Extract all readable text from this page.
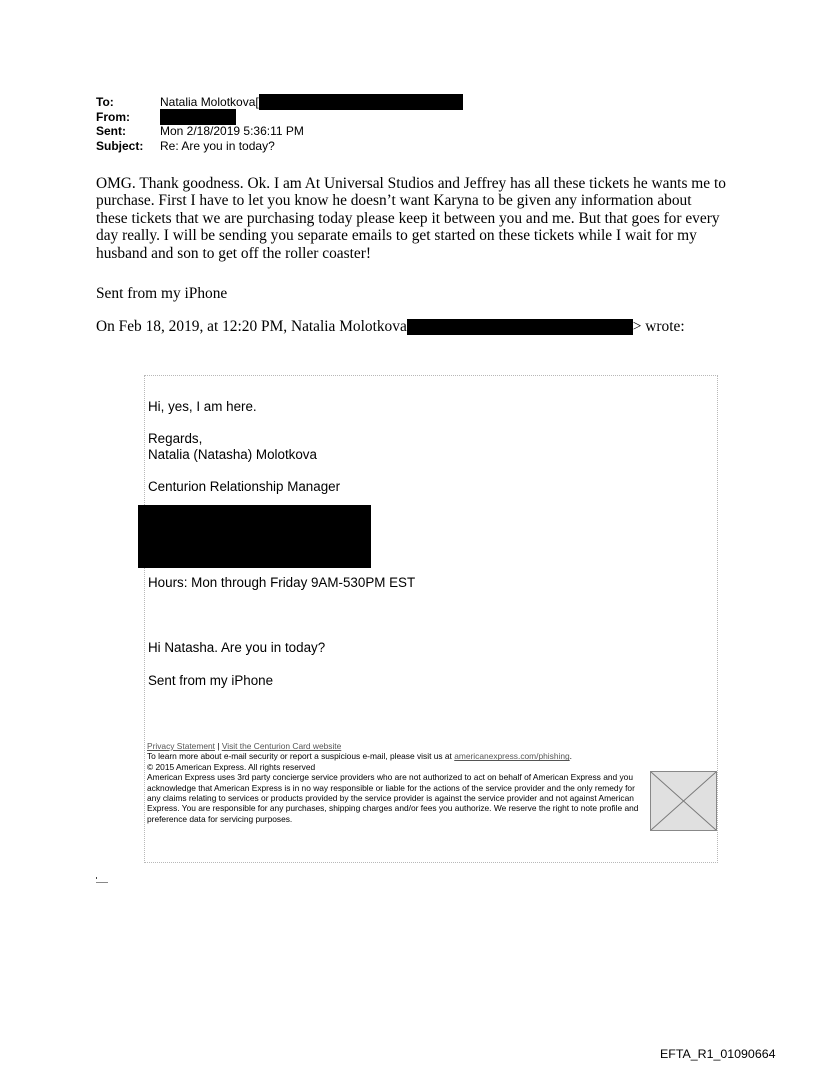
To:	Natalia Molotkova[
From:
Sent:	Mon 2/18/2019 5:36:11 PM
Subject:	Re: Are you in today?

OMG. Thank goodness. Ok. I am At Universal Studios and Jeffrey has all these tickets he wants me to purchase. First I have to let you know he doesn’t want Karyna to be given any information about these tickets that we are purchasing today please keep it between you and me. But that goes for every day really. I will be sending you separate emails to get started on these tickets while I wait for my husband and son to get off the roller coaster!

Sent from my iPhone

On Feb 18, 2019, at 12:20 PM, Natalia Molotkova	> wrote:

Hi, yes, I am here.

Regards,

Natalia (Natasha) Molotkova

Centurion Relationship Manager

Hours: Mon through Friday 9AM-530PM EST

Hi Natasha. Are you in today?

Sent from my iPhone

Privacy Statement | Visit the Centurion Card website
To learn more about e-mail security or report a suspicious e-mail, please visit us at americanexpress.com/phishing.
© 2015 American Express. All rights reserved
American Express uses 3rd party concierge service providers who are not authorized to act on behalf of American Express and you acknowledge that American Express is in no way responsible or liable for the actions of the service provider and the only remedy for any claims relating to services or products provided by the service provider is against the service provider and not against American Express. You are responsible for any purchases, shipping charges and/or fees you authorize. We reserve the right to note profile and preference data for servicing purposes.
EFTA_R1_01090664
